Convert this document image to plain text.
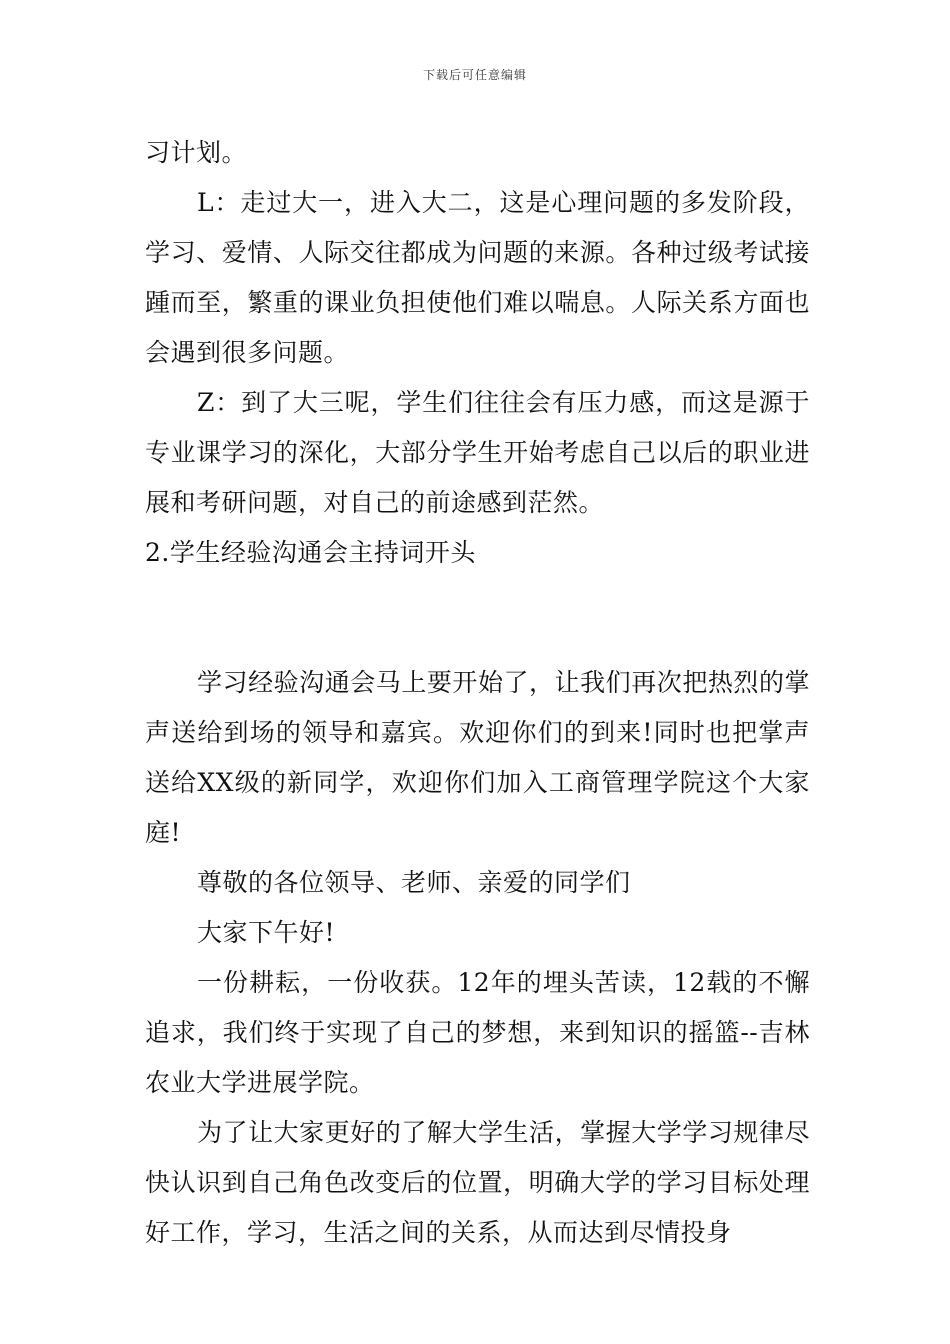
下载后可任意编辑

习计划。

L：走过大一，进入大二，这是心理问题的多发阶段，学习、爱情、人际交往都成为问题的来源。各种过级考试接踵而至，繁重的课业负担使他们难以喘息。人际关系方面也会遇到很多问题。

Z：到了大三呢，学生们往往会有压力感，而这是源于专业课学习的深化，大部分学生开始考虑自己以后的职业进展和考研问题，对自己的前途感到茫然。

2.学生经验沟通会主持词开头

学习经验沟通会马上要开始了，让我们再次把热烈的掌声送给到场的领导和嘉宾。欢迎你们的到来!同时也把掌声送给XX级的新同学，欢迎你们加入工商管理学院这个大家庭!

尊敬的各位领导、老师、亲爱的同学们

大家下午好!

一份耕耘，一份收获。12年的埋头苦读，12载的不懈追求，我们终于实现了自己的梦想，来到知识的摇篮--吉林农业大学进展学院。

为了让大家更好的了解大学生活，掌握大学学习规律尽快认识到自己角色改变后的位置，明确大学的学习目标处理好工作，学习，生活之间的关系，从而达到尽情投身
